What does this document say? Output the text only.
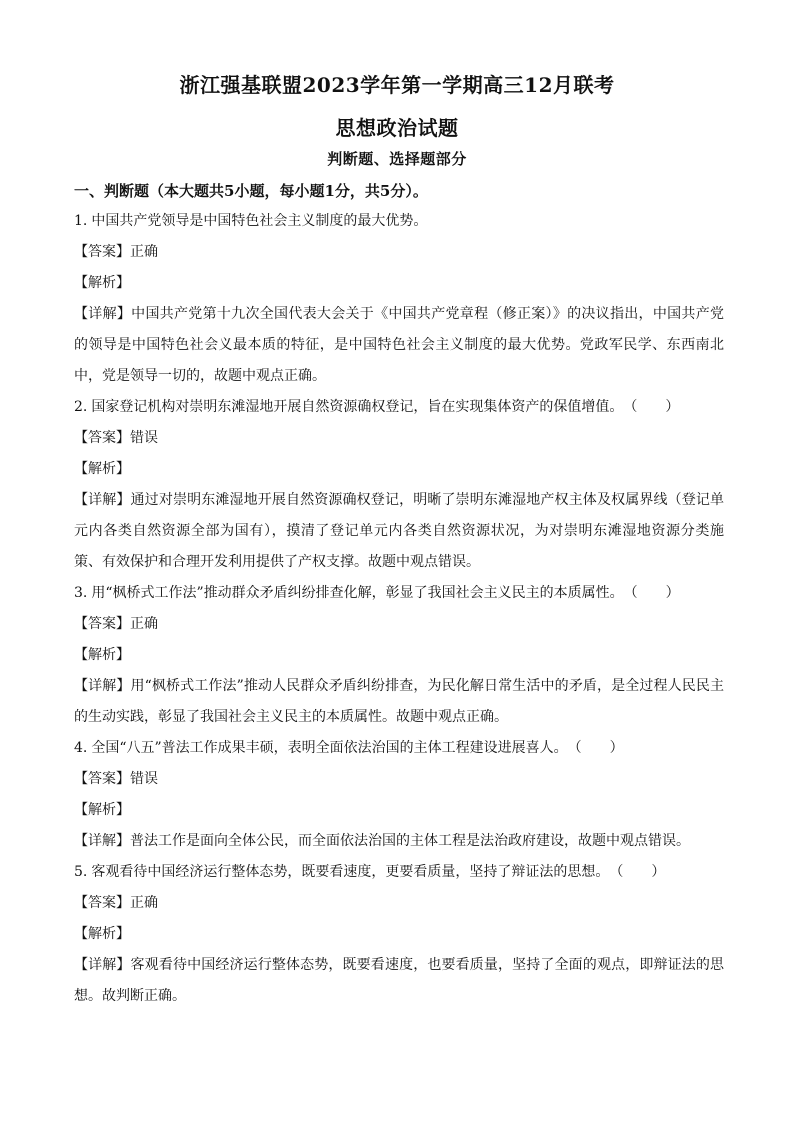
浙江强基联盟2023学年第一学期高三12月联考
思想政治试题
判断题、选择题部分
一、判断题（本大题共5小题，每小题1分，共5分）。
1. 中国共产党领导是中国特色社会主义制度的最大优势。
【答案】正确
【解析】
【详解】中国共产党第十九次全国代表大会关于《中国共产党章程（修正案）》的决议指出，中国共产党的领导是中国特色社会义最本质的特征，是中国特色社会主义制度的最大优势。党政军民学、东西南北中，党是领导一切的，故题中观点正确。
2. 国家登记机构对崇明东滩湿地开展自然资源确权登记，旨在实现集体资产的保值增值。（　　）
【答案】错误
【解析】
【详解】通过对崇明东滩湿地开展自然资源确权登记，明晰了崇明东滩湿地产权主体及权属界线（登记单元内各类自然资源全部为国有），摸清了登记单元内各类自然资源状况，为对崇明东滩湿地资源分类施策、有效保护和合理开发利用提供了产权支撑。故题中观点错误。
3. 用“枫桥式工作法”推动群众矛盾纠纷排查化解，彰显了我国社会主义民主的本质属性。（　　）
【答案】正确
【解析】
【详解】用“枫桥式工作法”推动人民群众矛盾纠纷排查，为民化解日常生活中的矛盾，是全过程人民民主的生动实践，彰显了我国社会主义民主的本质属性。故题中观点正确。
4. 全国“八五”普法工作成果丰硕，表明全面依法治国的主体工程建设进展喜人。（　　）
【答案】错误
【解析】
【详解】普法工作是面向全体公民，而全面依法治国的主体工程是法治政府建设，故题中观点错误。
5. 客观看待中国经济运行整体态势，既要看速度，更要看质量，坚持了辩证法的思想。（　　）
【答案】正确
【解析】
【详解】客观看待中国经济运行整体态势，既要看速度，也要看质量，坚持了全面的观点，即辩证法的思想。故判断正确。
